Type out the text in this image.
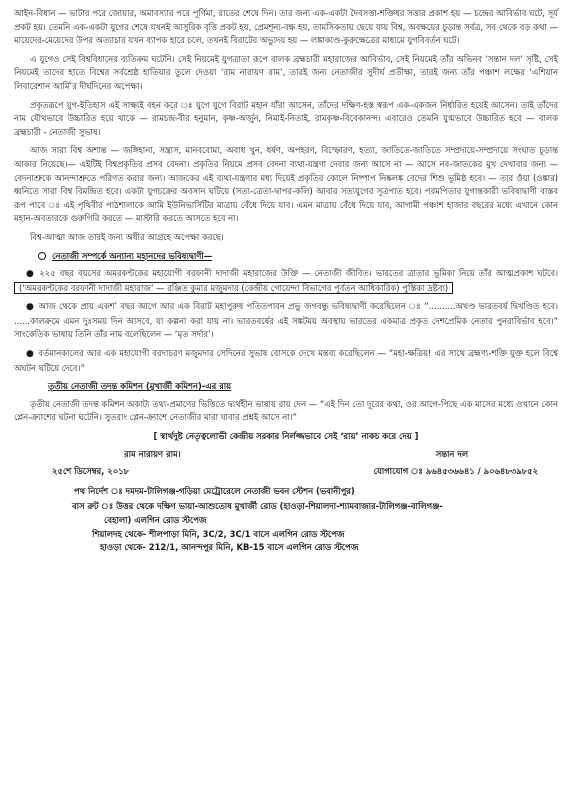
আইন-বিধান — ভাটার পরে জোয়ার, অমাবস্যার পরে পূর্ণিমা, রাতের শেষে দিন। তার জন্য এক-একটা দৈবসত্তা-শক্তিধর সত্তার প্রকাশ হয় — চন্দ্রের আবির্ভাব ঘটে, সূর্য প্রকট হয়। তেমনি এক-একটা যুগের শেষে যখনই আসুরিক বৃত্তি প্রকট হয়, প্রেমশূন্য-বক্ষ হয়, তামসিকতায় ছেয়ে যায় বিশ্ব, অবক্ষয়ের চূড়ান্ত সর্বত্র, সব থেকে বড় কথা — মায়েদের-মেয়েদের উপর অত্যাচার যখন ব্যাপক হারে চলে, তখনই বিরাটের অভ্যুদয় হয় — লঙ্কাকাণ্ড-কুরুক্ষেত্রের মাধ্যমে যুগবিবর্তন ঘটে।

এ যুগেও সেই বিশ্ববিধানের ব্যতিক্রম ঘটেনি। সেই নিয়মেই যুগত্রাতা রূপে বালক ব্রহ্মচারী মহারাজের আবির্ভাব, সেই নিয়মেই তাঁর অভিনব ‘সন্তান দল’ সৃষ্টি, সেই নিয়মেই তাদের হাতে বিশ্বের সর্বশ্রেষ্ঠ হাতিয়ার তুলে দেওয়া ‘রাম নারায়ণ রাম’, তারই জন্য নেতাজীর সুদীর্ঘ প্রতীক্ষা, তারই জন্য তাঁর পঞ্চাশ লক্ষের ‘এশিয়ান লিবারেশান আর্মি’র দীর্ঘদিনের অপেক্ষা।

প্রকৃতরূপে যুগ-ইতিহাস এই সাক্ষ্যই বহন করে ঃ যুগে যুগে বিরাট মহান যাঁরা আসেন, তাঁদের দক্ষিণ-হস্ত স্বরূপ এক-একজন নির্ধারিত হয়েই আসেন। তাই তাঁদের নাম যৌথভাবে উচ্চারিত হয়ে থাকে — রামচন্দ্র-বীর হনুমান, কৃষ্ণ-অর্জুন, নিমাই-নিতাই, রামকৃষ্ণ-বিবেকানন্দ। এবারেও তেমনি যুগ্মভাবে উচ্চারিত হবে — বালক ব্রহ্মচারী - নেতাজী সুভাষ।

আজ সারা বিশ্ব অশান্ত — জঙ্গিহানা, সন্ত্রাস, মানববোমা, অবাধ খুন, ধর্ষণ, অপহরণ, বিস্ফোরণ, হত্যা, জাতিতে-জাতিতে সম্প্রদায়ে-সম্প্রদায়ে সংঘাত চূড়ান্ত আকার নিয়েছে।— এইটিই বিশ্বপ্রকৃতির প্রসব বেদনা। প্রকৃতির নিয়মে প্রসব বেদনা ব্যথা-যন্ত্রণা দেবার জন্য আসে না — আসে নব-জাতকের মুখ দেখাবার জন্য — বেদনাশ্রুকে আনন্দাশ্রুতে পরিণত করার জন্য। আজকের এই ব্যথা-যন্ত্রণার মধ্য দিয়েই প্রকৃতির কোলে নিষ্পাপ নিষ্কলঙ্ক বেদের শিশু ভূমিষ্ঠ হবে। — তার ওঁয়া (ওঙ্কার) ধ্বনিতে সারা বিশ্ব বিমন্দ্রিত হবে। একটা যুগচক্রের অবসান ঘটিয়ে (সত্য-ত্রেতা-দ্বাপর-কলি) আবার সত্যযুগের সূত্রপাত হবে। পরমপিতার যুগান্তকারী ভবিষ্যদ্বাণী বাস্তব রূপ পাবে ঃ এই পৃথিবীর পাঠশালাকে আমি ইউনিভার্সিটির মাত্রায় বেঁধে দিয়ে যাব। এমন মাত্রায় বেঁধে দিয়ে যাব, আগামী পঞ্চাশ হাজার বছরের মধ্যে এখানে কোন মহান-অবতারকে গুরুগিরি করতে — মাস্টারি করতে আসতে হবে না।

বিশ্ব-আত্মা আজ তারই জন্য অধীর আগ্রহে অপেক্ষা করছে।

নেতাজী সম্পর্কে অন্যান্য মহানদের ভবিষ্যদ্বাণী—
● ২২৫ বছর বয়সের অমরকণ্টকের মহাযোগী বরফানী দাদাজী মহারাজের উক্তি — নেতাজী জীবিত। ভারতের ত্রাতার ভূমিকা নিয়ে তাঁর আত্মপ্রকাশ ঘটবে। (‘অমরকণ্টকের বরফানী দাদাজী মহারাজ’ — রঞ্জিত কুমার মজুমদার (কেন্দ্রীয় গোয়েন্দা বিভাগের পূর্বতন আধিকারিক) পুস্তিকা দ্রষ্টব্য)
● আজ থেকে প্রায় একশ’ বছর আগে আর এক বিরাট মহাপুরুষ পতিতপাবন প্রভু জগবন্ধু ভবিষ্যদ্বাণী করেছিলেন ঃ “..........অখণ্ড ভারতবর্ষ দ্বিখণ্ডিত হবে। ......কালক্রমে এমন দুঃসময় দিন আসবে, যা কল্পনা করা যায় না। ভারতবর্ষের এই সঙ্কটময় অবস্থায় ভারতের একমাত্র প্রকৃত দেশপ্রেমিক নেতার পুনরাবির্ভাব হবে।” সাংকেতিক ভাষায় তিনি তাঁর নাম বলেছিলেন — ‘মৃত সর্দার’।
● বর্তমানকালের আর এক মহাযোগী বরদাচরণ মজুমদার সেদিনের সুভাষ বোসকে দেখে মন্তব্য করেছিলেন — “মহা-ক্ষত্রিয়! এর সাথে ব্রহ্মণ্য-শক্তি যুক্ত হলে বিশ্বে অঘটন ঘটিয়ে দেবে।”
তৃতীয় নেতাজী তদন্ত কমিশন (মুখার্জী কমিশন)-এর রায়

তৃতীয় নেতাজী তদন্ত কমিশন অকাট্য তথ্য-প্রমাণের ভিত্তিতে দ্ব্যর্থহীন ভাষায় রায় দেন — “এই দিন তো দূরের কথা, ওর আগে-পিছে এক মাসের মধ্যে ওখানে কোন প্লেন-ক্র্যাশের ঘটনা ঘটেনি। সুতরাং প্লেন-ক্র্যাশে নেতাজীর মারা যাবার প্রশ্নই আসে না।”

[ স্বার্থদুষ্ট নেতৃত্বলোভী কেন্দ্রীয় সরকার নির্লজ্জভাবে সেই ‘রায়’ নাকচ করে দেয় ]
রাম নারায়ণ রাম।	সন্তান দল
২৫শে ডিসেম্বর, ২০১৮	যোগাযোগ ঃ ৯৬৪৫৩৬৬৪১ / ৯০৬৪৮৩৯৮৫২
পথ নির্দেশ ঃ দমদম-টালিগঞ্জ-গড়িয়া মেট্রোরেলে নেতাজী ভবন স্টেশন (ভবানীপুর)
বাস রুট ঃ উত্তর থেকে দক্ষিণ ভায়া-আশুতোষ মুখার্জী রোড (হাওড়া-শিয়ালদা-শ্যামবাজার-টালিগঞ্জ-বালিগঞ্জ-
বেহালা) এলগিন রোড স্টপেজ
শিয়ালদহ থেকে- শীলপাড়া মিনি, 3C/2, 3C/1 বাসে এলগিন রোড স্টপেজ
হাওড়া থেকে- 212/1, আনন্দপুর মিনি, KB-15 বাসে এলগিন রোড স্টপেজ
